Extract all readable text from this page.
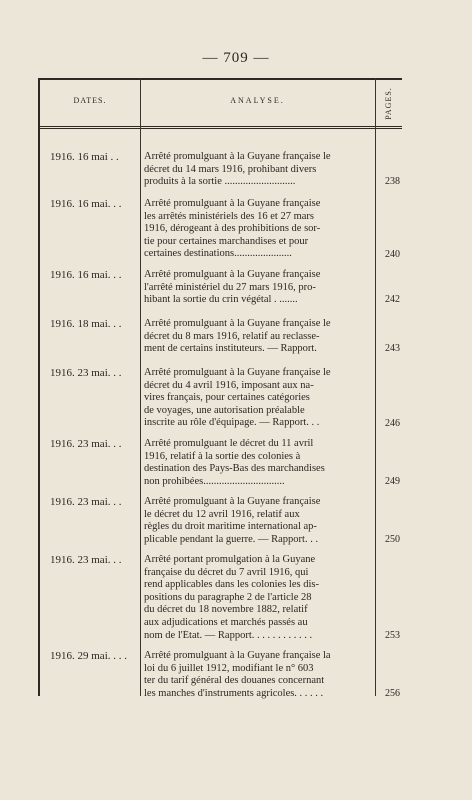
— 709 —
DATES.	ANALYSE.	PAGES.
1916. 16 mai . .	Arrêté promulguant à la Guyane française le
décret du 14 mars 1916, prohibant divers
produits à la sortie ...........................	238
1916. 16 mai. . .	Arrêté promulguant à la Guyane française
les arrêtés ministériels des 16 et 27 mars
1916, dérogeant à des prohibitions de sor-
tie pour certaines marchandises et pour
certaines destinations......................	240
1916. 16 mai. . .	Arrêté promulguant à la Guyane française
l'arrêté ministériel du 27 mars 1916, pro-
hibant la sortie du crin végétal . .......	242
1916. 18 mai. . .	Arrêté promulguant à la Guyane française le
décret du 8 mars 1916, relatif au reclasse-
ment de certains instituteurs. — Rapport.	243
1916. 23 mai. . .	Arrêté promulguant à la Guyane française le
décret du 4 avril 1916, imposant aux na-
vires français, pour certaines catégories
de voyages, une autorisation préalable
inscrite au rôle d'équipage. — Rapport. . .	246
1916. 23 mai. . .	Arrêté promulguant le décret du 11 avril
1916, relatif à la sortie des colonies à
destination des Pays-Bas des marchandises
non prohibées...............................	249
1916. 23 mai. . .	Arrêté promulguant à la Guyane française
le décret du 12 avril 1916, relatif aux
règles du droit maritime international ap-
plicable pendant la guerre. — Rapport. . .	250
1916. 23 mai. . .	Arrêté portant promulgation à la Guyane
française du décret du 7 avril 1916, qui
rend applicables dans les colonies les dis-
positions du paragraphe 2 de l'article 28
du décret du 18 novembre 1882, relatif
aux adjudications et marchés passés au
nom de l'État. — Rapport. . . . . . . . . . . .	253
1916. 29 mai. . . .	Arrêté promulguant à la Guyane française la
loi du 6 juillet 1912, modifiant le n° 603
ter du tarif général des douanes concernant
les manches d'instruments agricoles. . . . . .	256
